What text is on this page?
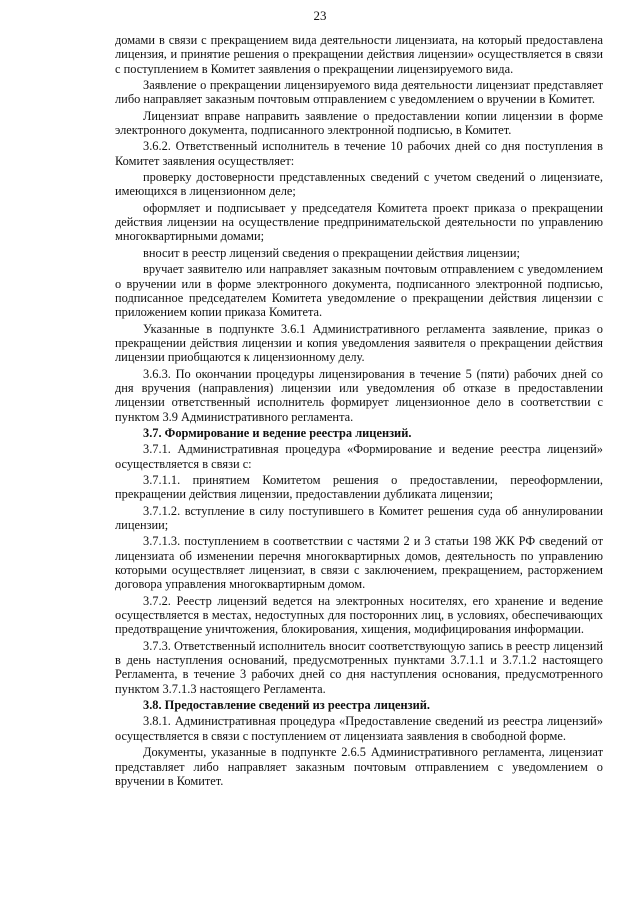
23

домами в связи с прекращением вида деятельности лицензиата, на который предоставлена лицензия, и принятие решения о прекращении действия лицензии» осуществляется в связи с поступлением в Комитет заявления о прекращении лицензируемого вида.

Заявление о прекращении лицензируемого вида деятельности лицензиат представляет либо направляет заказным почтовым отправлением с уведомлением о вручении в Комитет.

Лицензиат вправе направить заявление о предоставлении копии лицензии в форме электронного документа, подписанного электронной подписью, в Комитет.

3.6.2. Ответственный исполнитель в течение 10 рабочих дней со дня поступления в Комитет заявления осуществляет:

проверку достоверности представленных сведений с учетом сведений о лицензиате, имеющихся в лицензионном деле;

оформляет и подписывает у председателя Комитета проект приказа о прекращении действия лицензии на осуществление предпринимательской деятельности по управлению многоквартирными домами;

вносит в реестр лицензий сведения о прекращении действия лицензии;

вручает заявителю или направляет заказным почтовым отправлением с уведомлением о вручении или в форме электронного документа, подписанного электронной подписью, подписанное председателем Комитета уведомление о прекращении действия лицензии с приложением копии приказа Комитета.

Указанные в подпункте 3.6.1 Административного регламента заявление, приказ о прекращении действия лицензии и копия уведомления заявителя о прекращении действия лицензии приобщаются к лицензионному делу.

3.6.3. По окончании процедуры лицензирования в течение 5 (пяти) рабочих дней со дня вручения (направления) лицензии или уведомления об отказе в предоставлении лицензии ответственный исполнитель формирует лицензионное дело в соответствии с пунктом 3.9 Административного регламента.

3.7. Формирование и ведение реестра лицензий.

3.7.1. Административная процедура «Формирование и ведение реестра лицензий» осуществляется в связи с:

3.7.1.1. принятием Комитетом решения о предоставлении, переоформлении, прекращении действия лицензии, предоставлении дубликата лицензии;

3.7.1.2. вступление в силу поступившего в Комитет решения суда об аннулировании лицензии;

3.7.1.3. поступлением в соответствии с частями 2 и 3 статьи 198 ЖК РФ сведений от лицензиата об изменении перечня многоквартирных домов, деятельность по управлению которыми осуществляет лицензиат, в связи с заключением, прекращением, расторжением договора управления многоквартирным домом.

3.7.2. Реестр лицензий ведется на электронных носителях, его хранение и ведение осуществляется в местах, недоступных для посторонних лиц, в условиях, обеспечивающих предотвращение уничтожения, блокирования, хищения, модифицирования информации.

3.7.3. Ответственный исполнитель вносит соответствующую запись в реестр лицензий в день наступления оснований, предусмотренных пунктами 3.7.1.1 и 3.7.1.2 настоящего Регламента, в течение 3 рабочих дней со дня наступления основания, предусмотренного пунктом 3.7.1.3 настоящего Регламента.

3.8. Предоставление сведений из реестра лицензий.

3.8.1. Административная процедура «Предоставление сведений из реестра лицензий» осуществляется в связи с поступлением от лицензиата заявления в свободной форме.

Документы, указанные в подпункте 2.6.5 Административного регламента, лицензиат представляет либо направляет заказным почтовым отправлением с уведомлением о вручении в Комитет.
